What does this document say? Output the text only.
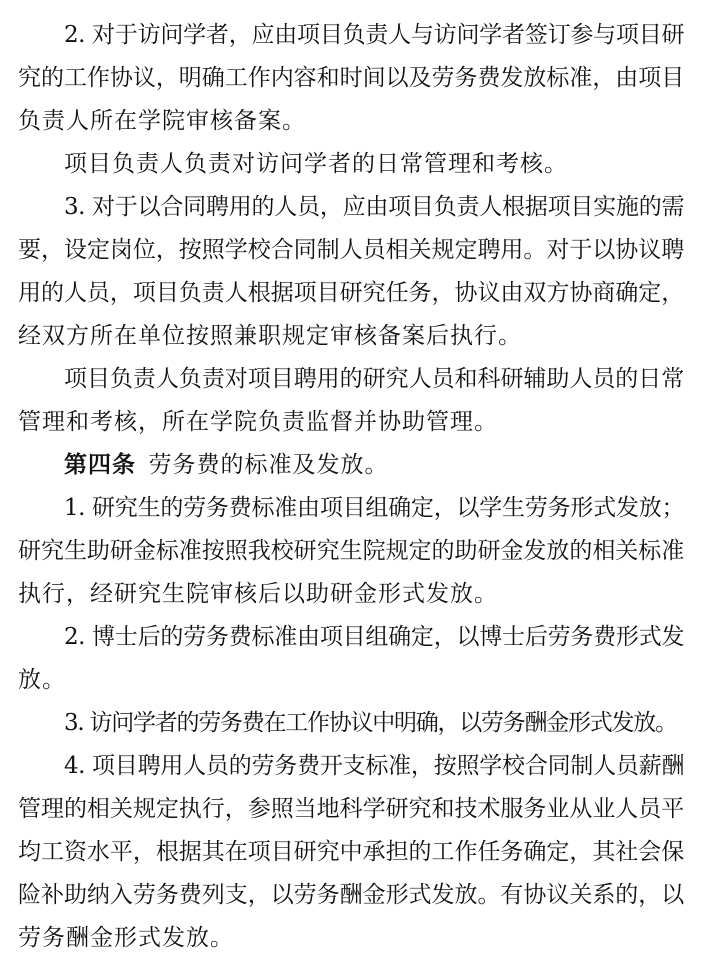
2. 对于访问学者，应由项目负责人与访问学者签订参与项目研
究的工作协议，明确工作内容和时间以及劳务费发放标准，由项目
负责人所在学院审核备案。

项目负责人负责对访问学者的日常管理和考核。

3. 对于以合同聘用的人员，应由项目负责人根据项目实施的需
要，设定岗位，按照学校合同制人员相关规定聘用。对于以协议聘
用的人员，项目负责人根据项目研究任务，协议由双方协商确定，
经双方所在单位按照兼职规定审核备案后执行。

项目负责人负责对项目聘用的研究人员和科研辅助人员的日常
管理和考核，所在学院负责监督并协助管理。

第四条  劳务费的标准及发放。

1. 研究生的劳务费标准由项目组确定，以学生劳务形式发放；
研究生助研金标准按照我校研究生院规定的助研金发放的相关标准
执行，经研究生院审核后以助研金形式发放。

2. 博士后的劳务费标准由项目组确定，以博士后劳务费形式发
放。

3. 访问学者的劳务费在工作协议中明确，以劳务酬金形式发放。

4. 项目聘用人员的劳务费开支标准，按照学校合同制人员薪酬
管理的相关规定执行，参照当地科学研究和技术服务业从业人员平
均工资水平，根据其在项目研究中承担的工作任务确定，其社会保
险补助纳入劳务费列支，以劳务酬金形式发放。有协议关系的，以
劳务酬金形式发放。
